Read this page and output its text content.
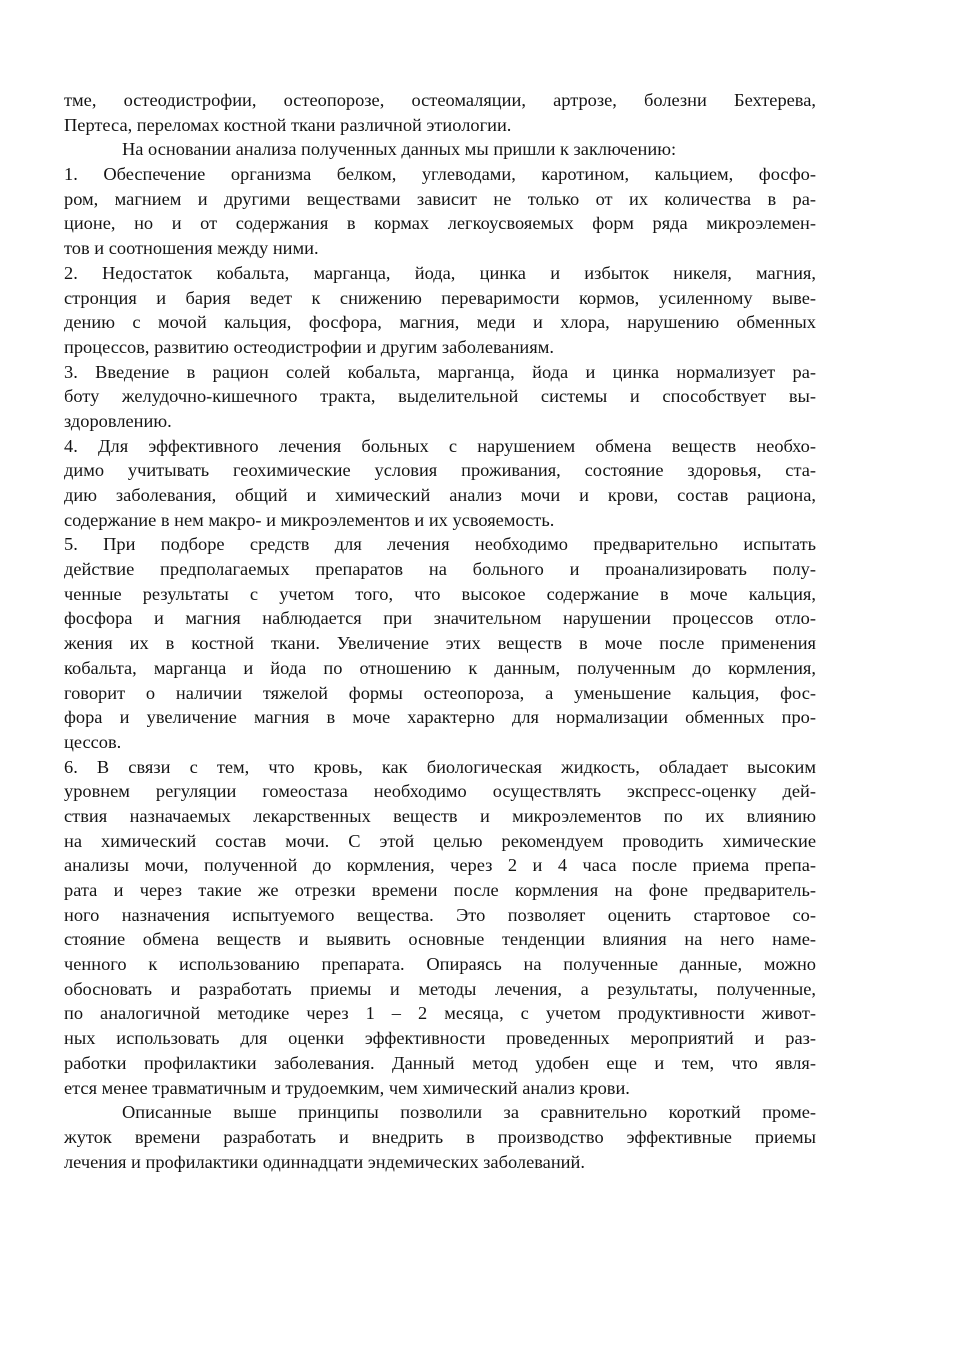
тме, остеодистрофии, остеопорозе, остеомаляции, артрозе, болезни Бехтерева,
Пертеса, переломах костной ткани различной этиологии.
На основании анализа полученных данных мы пришли к заключению:
1. Обеспечение организма белком, углеводами, каротином, кальцием, фосфо-
ром, магнием и другими веществами зависит не только от их количества в ра-
ционе, но и от содержания в кормах легкоусвояемых форм ряда микроэлемен-
тов и соотношения между ними.
2. Недостаток кобальта, марганца, йода, цинка и избыток никеля, магния,
стронция и бария ведет к снижению переваримости кормов, усиленному выве-
дению с мочой кальция, фосфора, магния, меди и хлора, нарушению обменных
процессов, развитию остеодистрофии и другим заболеваниям.
3. Введение в рацион солей кобальта, марганца, йода и цинка нормализует ра-
боту желудочно-кишечного тракта, выделительной системы и способствует вы-
здоровлению.
4. Для эффективного лечения больных с нарушением обмена веществ необхо-
димо учитывать геохимические условия проживания, состояние здоровья, ста-
дию заболевания, общий и химический анализ мочи и крови, состав рациона,
содержание в нем макро- и микроэлементов и их усвояемость.
5. При подборе средств для лечения необходимо предварительно испытать
действие предполагаемых препаратов на больного и проанализировать полу-
ченные результаты с учетом того, что высокое содержание в моче кальция,
фосфора и магния наблюдается при значительном нарушении процессов отло-
жения их в костной ткани. Увеличение этих веществ в моче после применения
кобальта, марганца и йода по отношению к данным, полученным до кормления,
говорит о наличии тяжелой формы остеопороза, а уменьшение кальция, фос-
фора и увеличение магния в моче характерно для нормализации обменных про-
цессов.
6. В связи с тем, что кровь, как биологическая жидкость, обладает высоким
уровнем регуляции гомеостаза необходимо осуществлять экспресс-оценку дей-
ствия назначаемых лекарственных веществ и микроэлементов по их влиянию
на химический состав мочи. С этой целью рекомендуем проводить химические
анализы мочи, полученной до кормления, через 2 и 4 часа после приема препа-
рата и через такие же отрезки времени после кормления на фоне предваритель-
ного назначения испытуемого вещества. Это позволяет оценить стартовое со-
стояние обмена веществ и выявить основные тенденции влияния на него наме-
ченного к использованию препарата. Опираясь на полученные данные, можно
обосновать и разработать приемы и методы лечения, а результаты, полученные,
по аналогичной методике через 1 – 2 месяца, с учетом продуктивности живот-
ных использовать для оценки эффективности проведенных мероприятий и раз-
работки профилактики заболевания. Данный метод удобен еще и тем, что явля-
ется менее травматичным и трудоемким, чем химический анализ крови.
Описанные выше принципы позволили за сравнительно короткий проме-
жуток времени разработать и внедрить в производство эффективные приемы
лечения и профилактики одиннадцати эндемических заболеваний.
